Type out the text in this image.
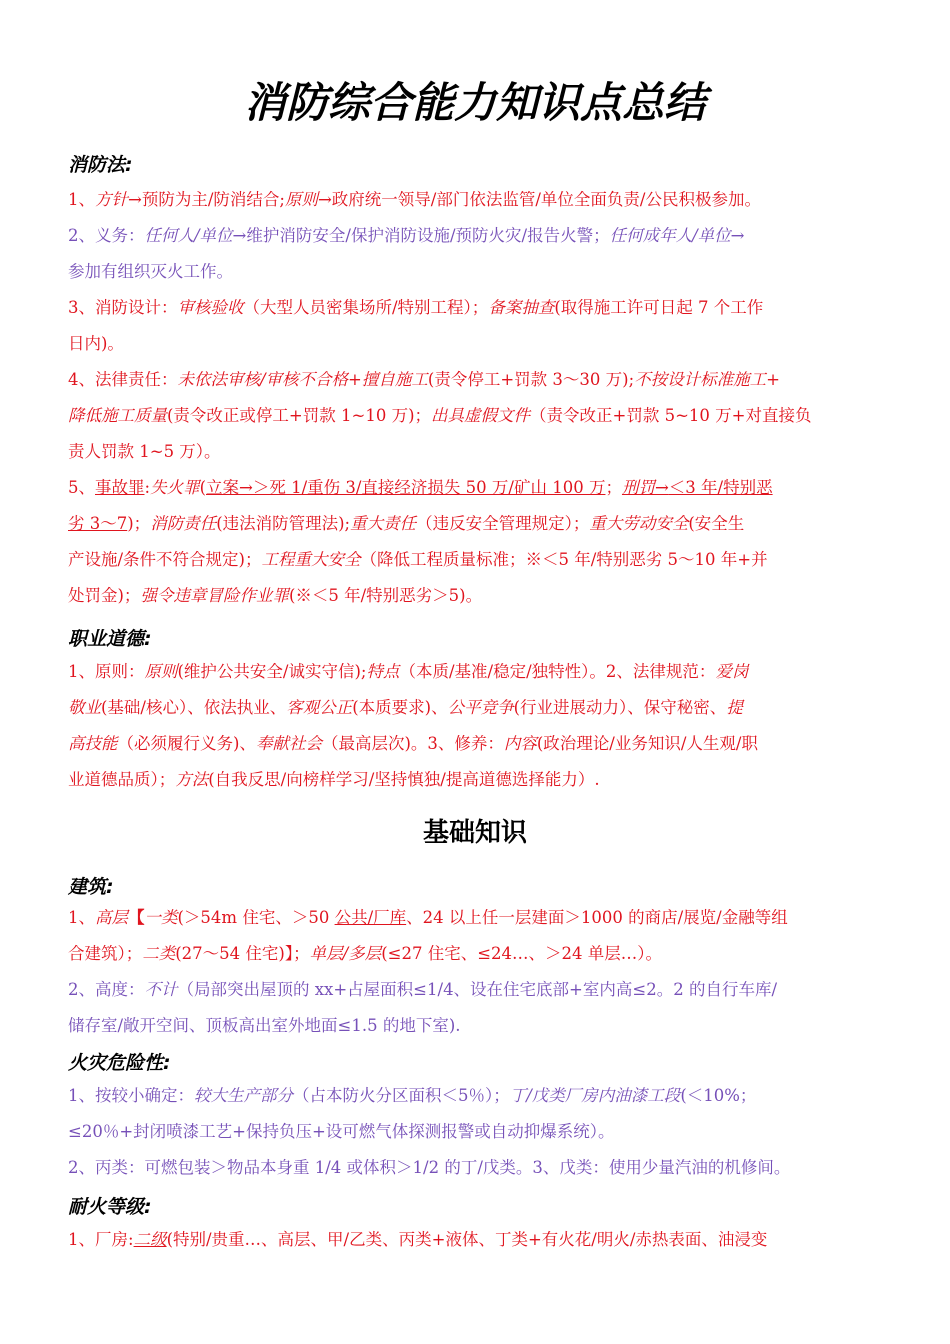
消防综合能力知识点总结
消防法:
1、方针→预防为主/防消结合;原则→政府统一领导/部门依法监管/单位全面负责/公民积极参加。
2、义务：任何人/单位→维护消防安全/保护消防设施/预防火灾/报告火警；任何成年人/单位→
参加有组织灭火工作。
3、消防设计：审核验收（大型人员密集场所/特别工程）；备案抽查(取得施工许可日起 7 个工作
日内)。
4、法律责任：未依法审核/审核不合格+擅自施工(责令停工+罚款 3～30 万);不按设计标准施工+
降低施工质量(责令改正或停工+罚款 1~10 万)；出具虚假文件（责令改正+罚款 5~10 万+对直接负
责人罚款 1~5 万）。
5、事故罪:失火罪(立案→＞死 1/重伤 3/直接经济损失 50 万/矿山 100 万；刑罚→＜3 年/特别恶
劣 3～7)；消防责任(违法消防管理法);重大责任（违反安全管理规定）；重大劳动安全(安全生
产设施/条件不符合规定)；工程重大安全（降低工程质量标准；※＜5 年/特别恶劣 5～10 年+并
处罚金)；强令违章冒险作业罪(※＜5 年/特别恶劣＞5)。
职业道德:
1、原则：原则(维护公共安全/诚实守信);特点（本质/基准/稳定/独特性）。2、法律规范：爱岗
敬业(基础/核心）、依法执业、客观公正(本质要求)、公平竞争(行业进展动力）、保守秘密、提
高技能（必须履行义务)、奉献社会（最高层次)。3、修养：内容(政治理论/业务知识/人生观/职
业道德品质）；方法(自我反思/向榜样学习/坚持慎独/提高道德选择能力）.
基础知识
建筑:
1、高层【一类(＞54m 住宅、＞50 公共/厂库、24 以上任一层建面＞1000 的商店/展览/金融等组
合建筑）；二类(27～54 住宅)】；单层/多层(≤27 住宅、≤24…、＞24 单层…）。
2、高度：不计（局部突出屋顶的 xx+占屋面积≤1/4、设在住宅底部+室内高≤2。2 的自行车库/
储存室/敞开空间、顶板高出室外地面≤1.5 的地下室).
火灾危险性:
1、按较小确定：较大生产部分（占本防火分区面积＜5％）；丁/戊类厂房内油漆工段(＜10%；
≤20％+封闭喷漆工艺+保持负压+设可燃气体探测报警或自动抑爆系统）。
2、丙类：可燃包装＞物品本身重 1/4 或体积＞1/2 的丁/戊类。3、戊类：使用少量汽油的机修间。
耐火等级:
1、厂房:二级(特别/贵重…、高层、甲/乙类、丙类+液体、丁类+有火花/明火/赤热表面、油浸变
